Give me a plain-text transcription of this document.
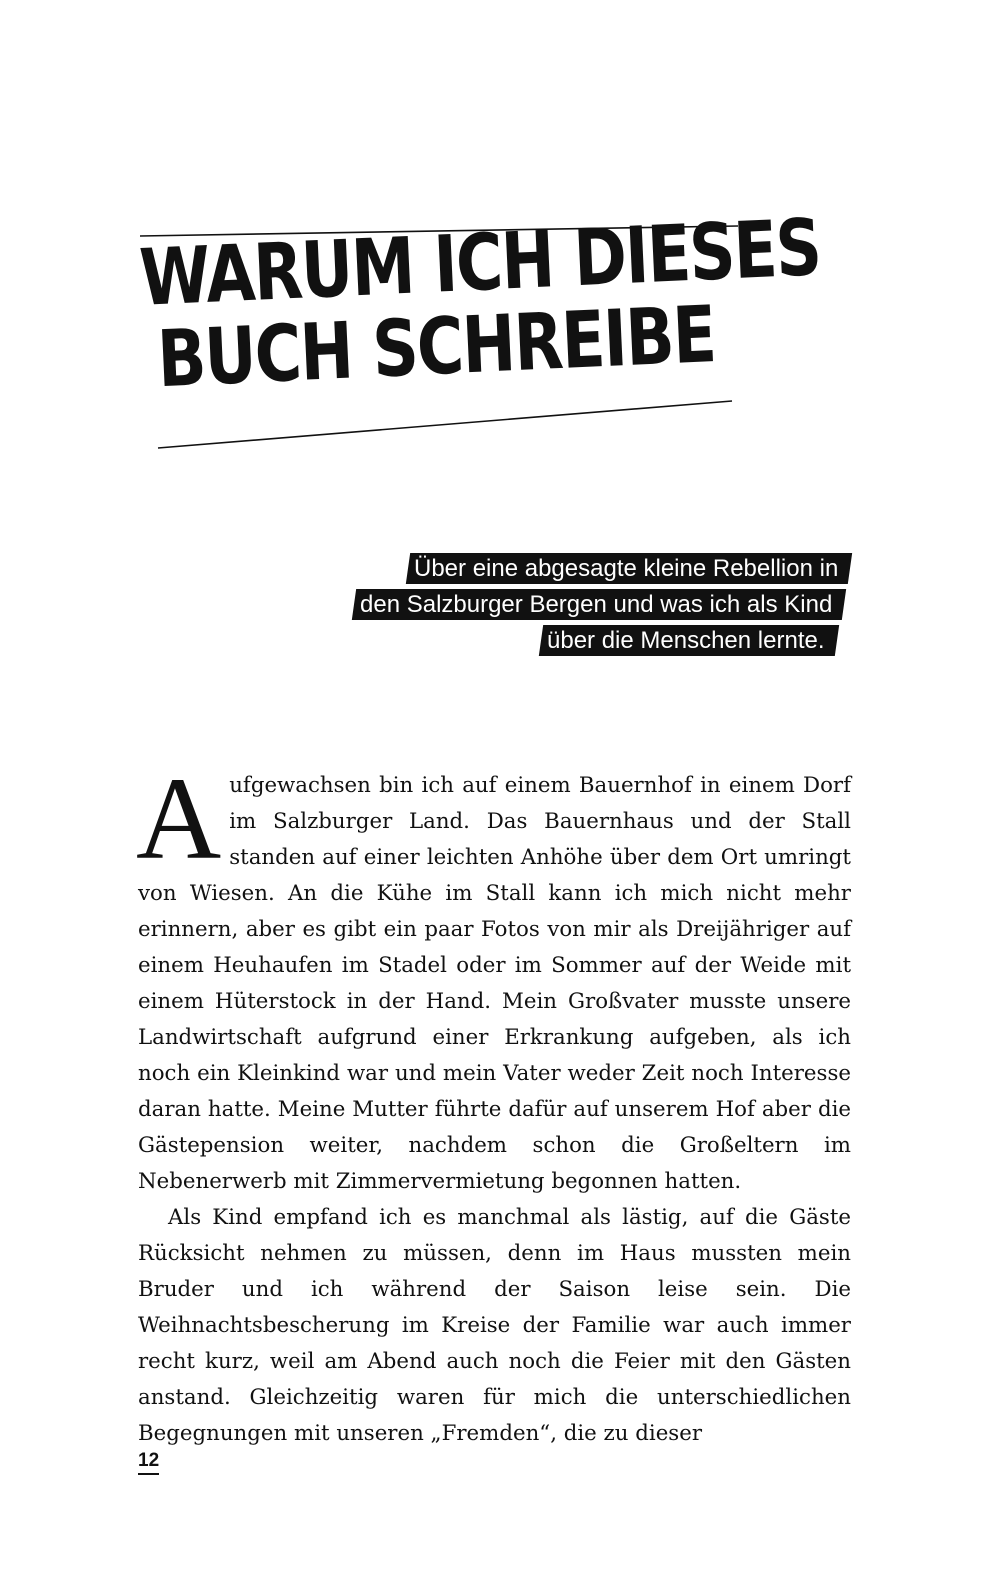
WARUM ICH DIESES
BUCH SCHREIBE
Über eine abgesagte kleine Rebellion in
den Salzburger Bergen und was ich als Kind
über die Menschen lernte.

Aufgewachsen bin ich auf einem Bauernhof in einem Dorf im Salzburger Land. Das Bauernhaus und der Stall standen auf einer leichten Anhöhe über dem Ort umringt von Wiesen. An die Kühe im Stall kann ich mich nicht mehr erinnern, aber es gibt ein paar Fotos von mir als Dreijähriger auf einem Heuhaufen im Stadel oder im Sommer auf der Weide mit einem Hüterstock in der Hand. Mein Großvater musste unsere Landwirtschaft aufgrund einer Erkrankung aufgeben, als ich noch ein Kleinkind war und mein Vater weder Zeit noch Interesse daran hatte. Meine Mutter führte dafür auf unserem Hof aber die Gästepension weiter, nachdem schon die Großeltern im Nebenerwerb mit Zimmervermietung begonnen hatten.

Als Kind empfand ich es manchmal als lästig, auf die Gäste Rücksicht nehmen zu müssen, denn im Haus mussten mein Bruder und ich während der Saison leise sein. Die Weihnachtsbescherung im Kreise der Familie war auch immer recht kurz, weil am Abend auch noch die Feier mit den Gästen anstand. Gleichzeitig waren für mich die unterschiedlichen Begegnungen mit unseren „Fremden“, die zu dieser

12
